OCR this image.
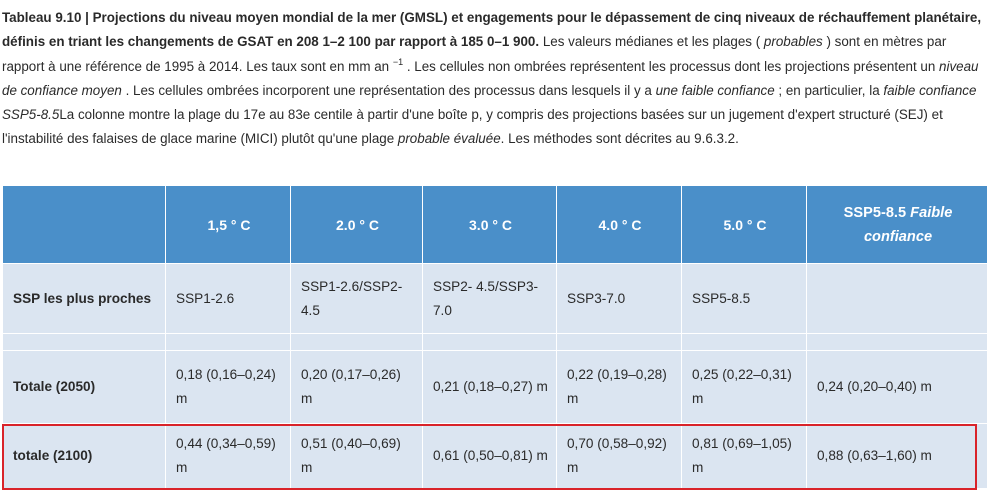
Tableau 9.10 | Projections du niveau moyen mondial de la mer (GMSL) et engagements pour le dépassement de cinq niveaux de réchauffement planétaire, définis en triant les changements de GSAT en 208 1–2 100 par rapport à 185 0–1 900. Les valeurs médianes et les plages ( probables ) sont en mètres par rapport à une référence de 1995 à 2014. Les taux sont en mm an $^{-1}$ . Les cellules non ombrées représentent les processus dont les projections présentent un niveau de confiance moyen . Les cellules ombrées incorporent une représentation des processus dans lesquels il y a une faible confiance ; en particulier, la faible confiance SSP5-8.5La colonne montre la plage du 17e au 83e centile à partir d'une boîte p, y compris des projections basées sur un jugement d'expert structuré (SEJ) et l'instabilité des falaises de glace marine (MICI) plutôt qu'une plage probable évaluée. Les méthodes sont décrites au 9.6.3.2.
	1,5 ° C	2.0 ° C	3.0 ° C	4.0 ° C	5.0 ° C	SSP5-8.5 Faible confiance
SSP les plus proches	SSP1-2.6	SSP1-2.6/SSP2-4.5	SSP2- 4.5/SSP3-7.0	SSP3-7.0	SSP5-8.5	

Totale (2050)	0,18 (0,16–0,24) m	0,20 (0,17–0,26) m	0,21 (0,18–0,27) m	0,22 (0,19–0,28) m	0,25 (0,22–0,31) m	0,24 (0,20–0,40) m
totale (2100)	0,44 (0,34–0,59) m	0,51 (0,40–0,69) m	0,61 (0,50–0,81) m	0,70 (0,58–0,92) m	0,81 (0,69–1,05) m	0,88 (0,63–1,60) m
